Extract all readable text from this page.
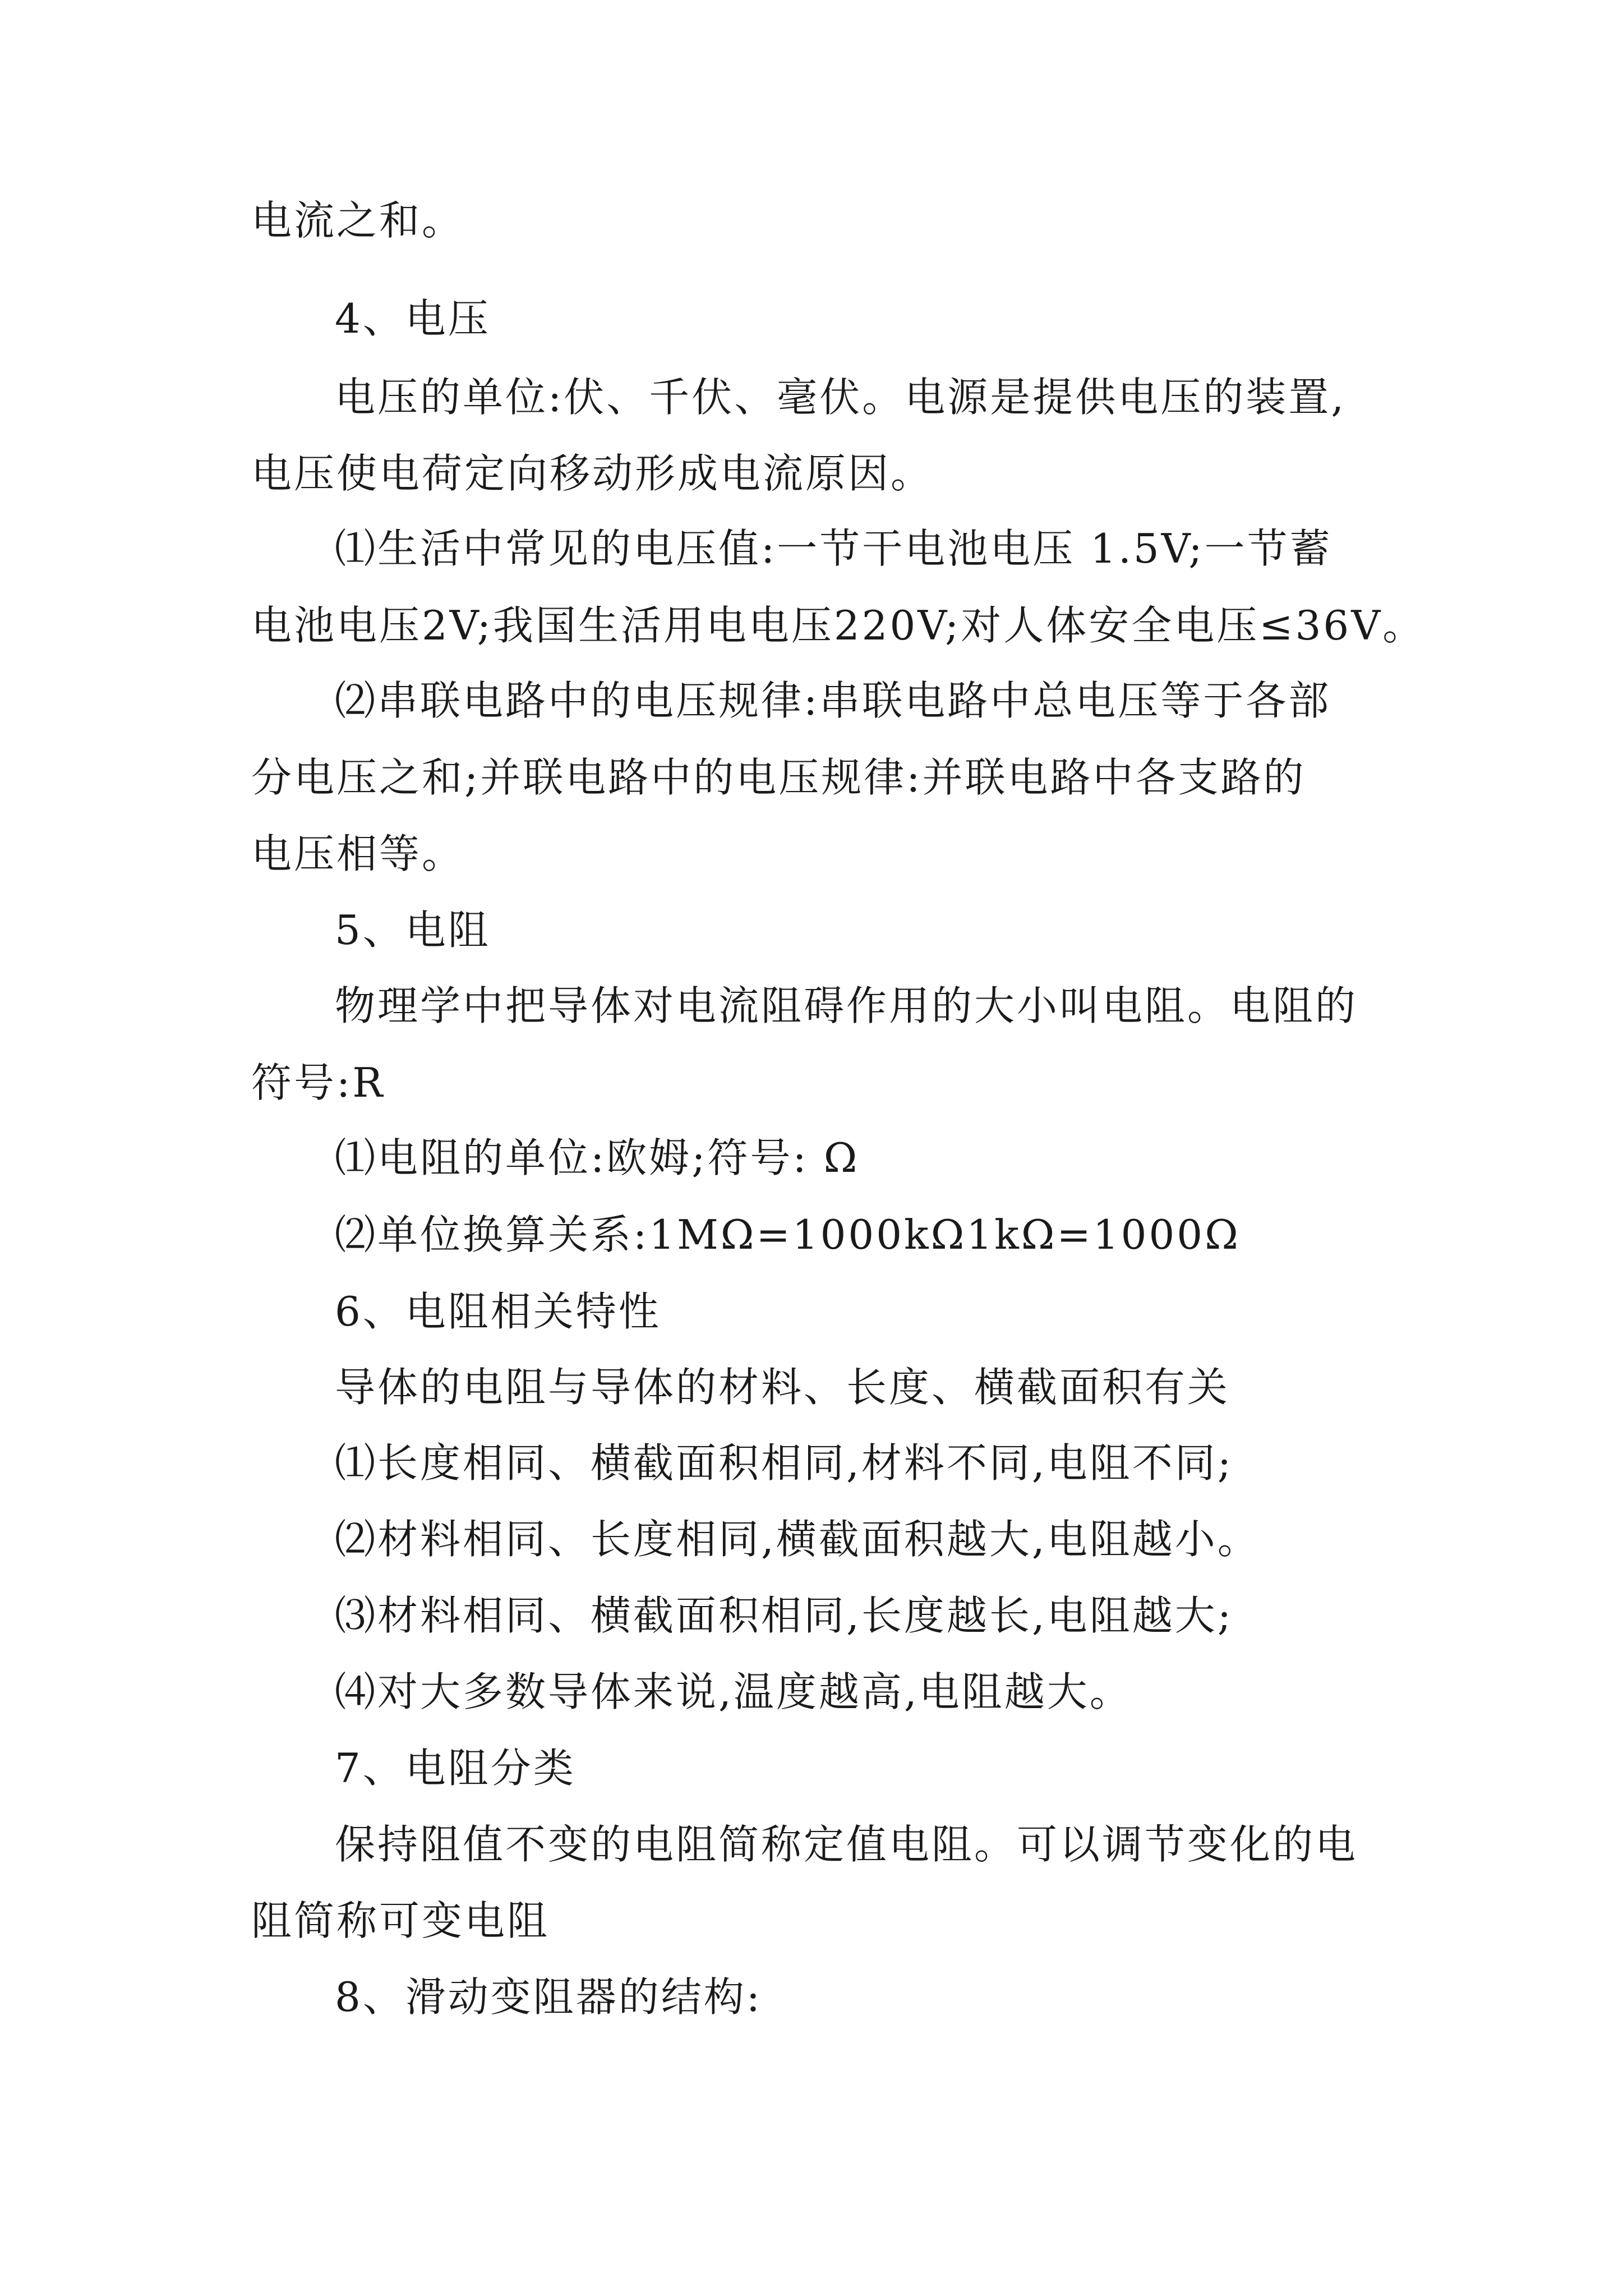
电流之和。
4、电压
电压的单位:伏、千伏、毫伏。电源是提供电压的装置,
电压使电荷定向移动形成电流原因。
⑴生活中常见的电压值:一节干电池电压 1.5V;一节蓄
电池电压2V;我国生活用电电压220V;对人体安全电压≤36V。
⑵串联电路中的电压规律:串联电路中总电压等于各部
分电压之和;并联电路中的电压规律:并联电路中各支路的
电压相等。
5、电阻
物理学中把导体对电流阻碍作用的大小叫电阻。电阻的
符号:R
⑴电阻的单位:欧姆;符号: Ω
⑵单位换算关系:1MΩ=1000kΩ1kΩ=1000Ω
6、电阻相关特性
导体的电阻与导体的材料、长度、横截面积有关
⑴长度相同、横截面积相同,材料不同,电阻不同;
⑵材料相同、长度相同,横截面积越大,电阻越小。
⑶材料相同、横截面积相同,长度越长,电阻越大;
⑷对大多数导体来说,温度越高,电阻越大。
7、电阻分类
保持阻值不变的电阻简称定值电阻。可以调节变化的电
阻简称可变电阻
8、滑动变阻器的结构:
